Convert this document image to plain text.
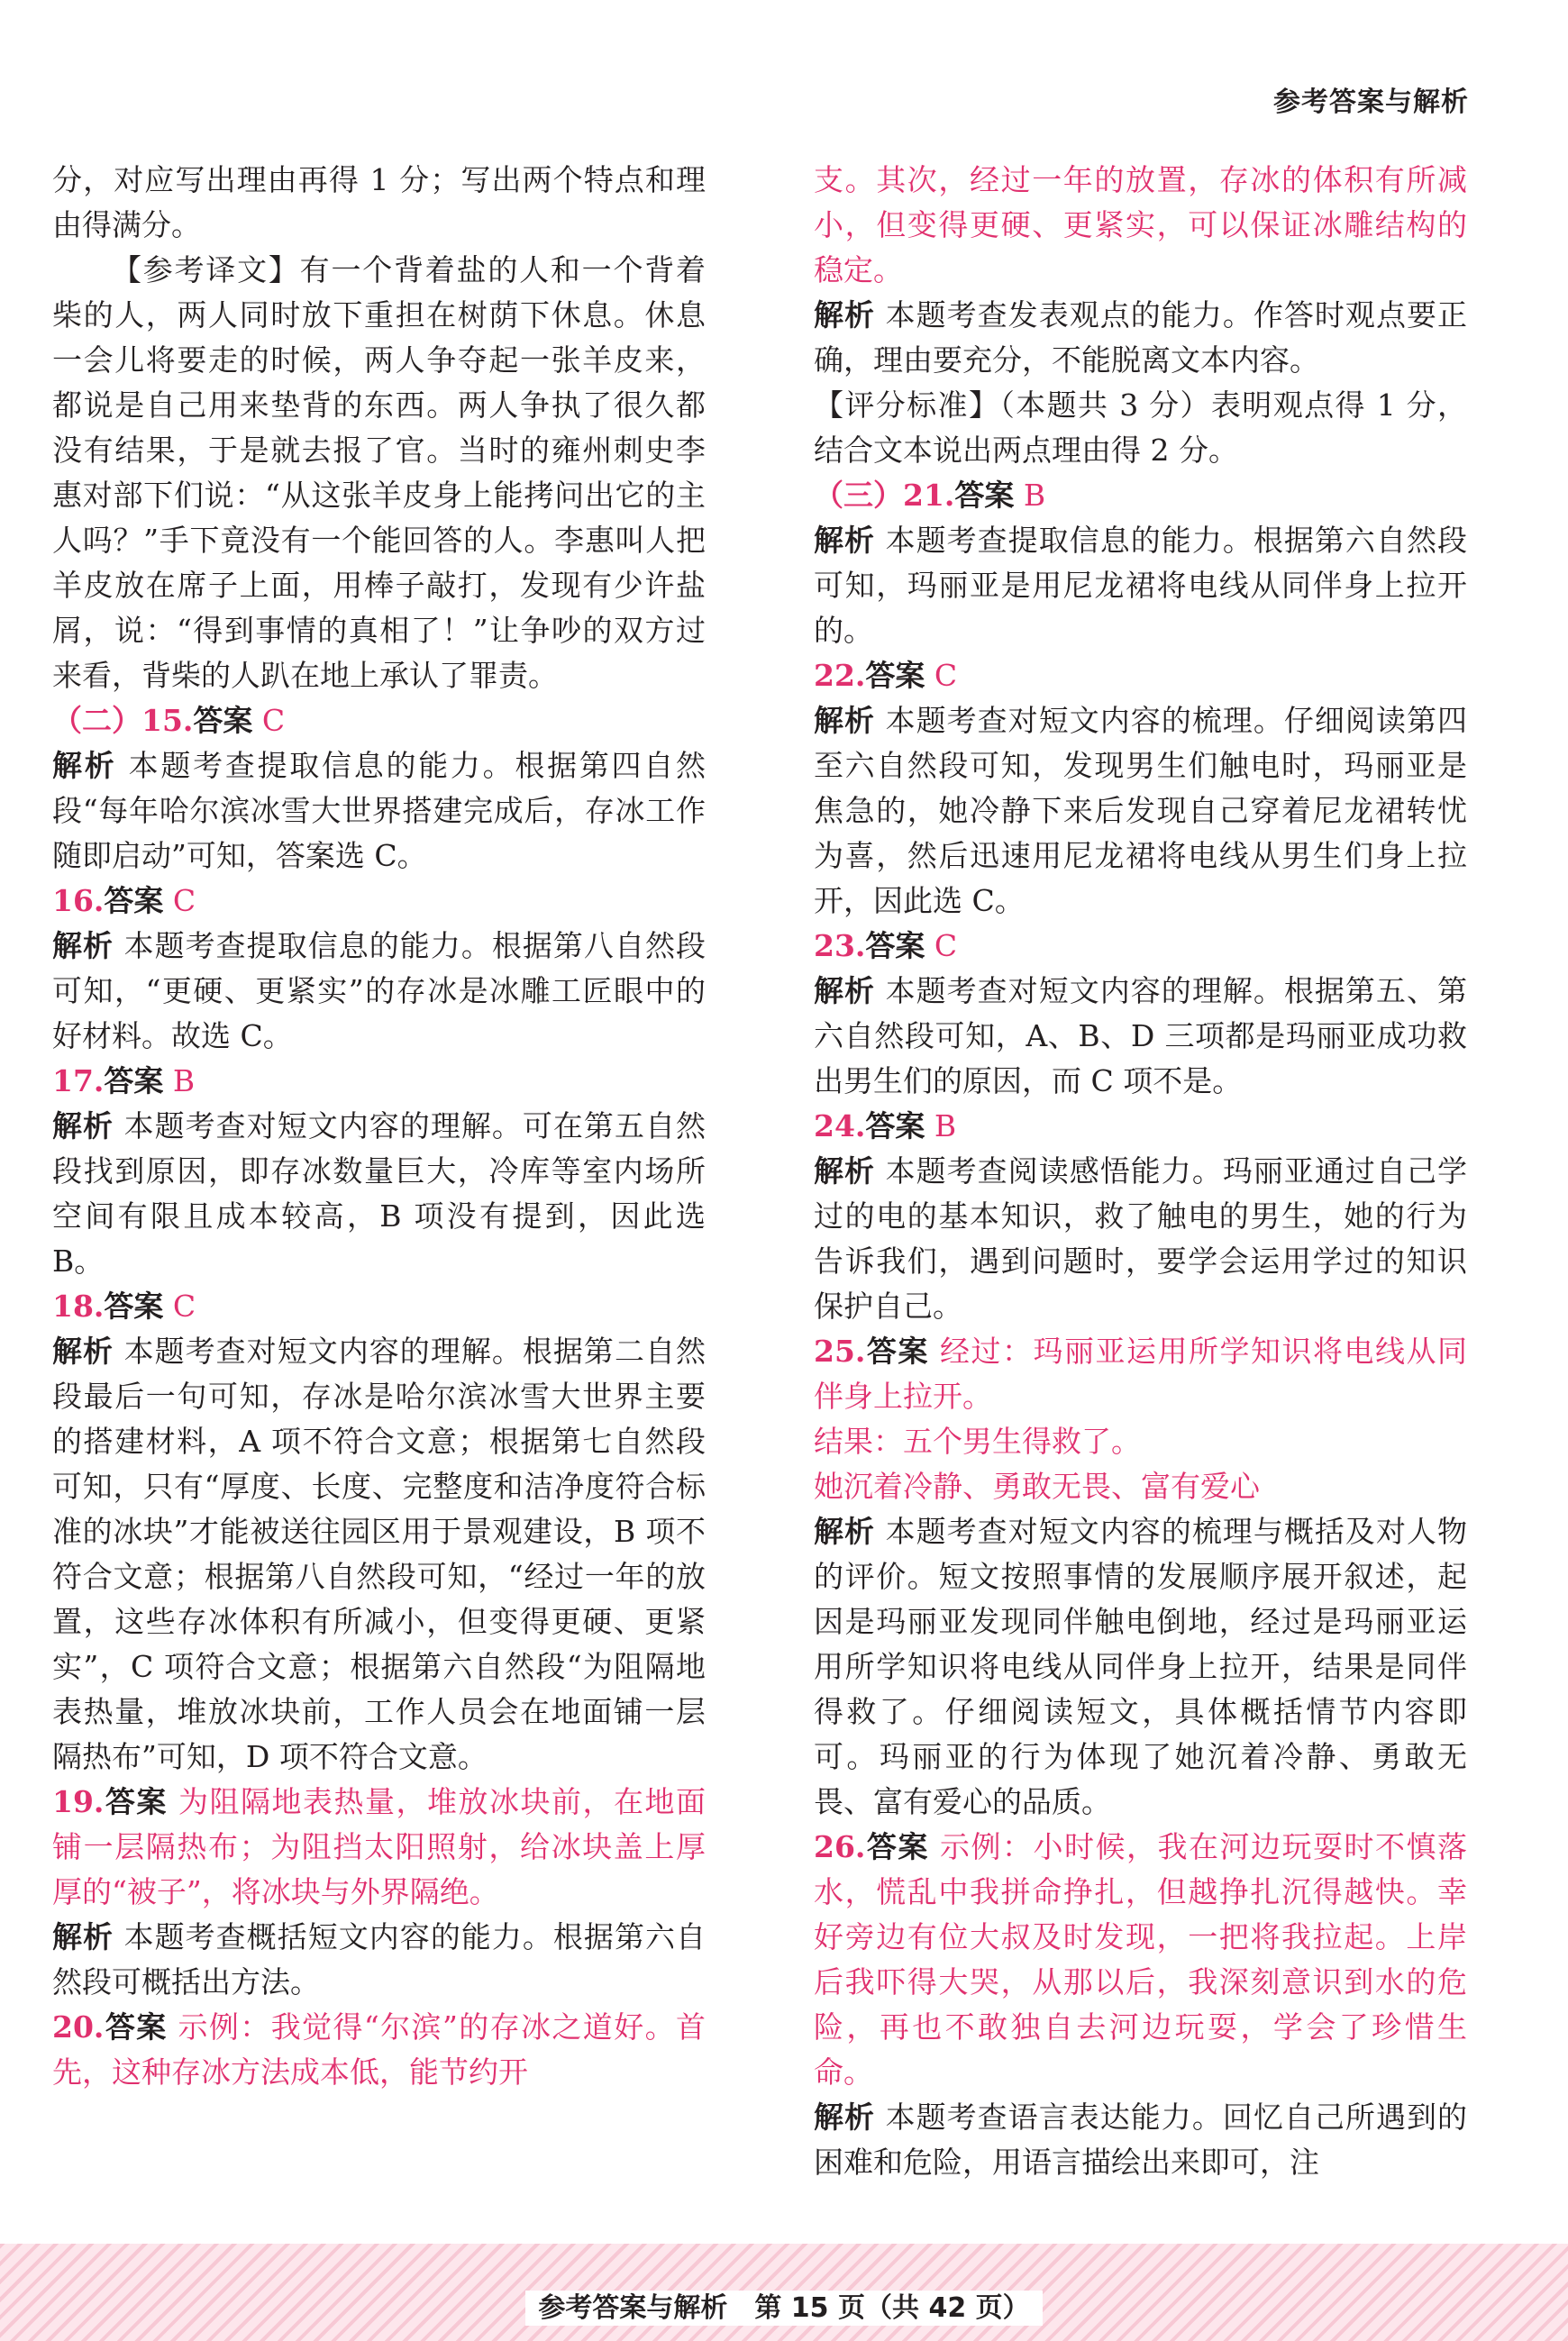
参考答案与解析

分，对应写出理由再得 1 分；写出两个特点和理由得满分。

【参考译文】有一个背着盐的人和一个背着柴的人，两人同时放下重担在树荫下休息。休息一会儿将要走的时候，两人争夺起一张羊皮来，都说是自己用来垫背的东西。两人争执了很久都没有结果，于是就去报了官。当时的雍州刺史李惠对部下们说：“从这张羊皮身上能拷问出它的主人吗？”手下竟没有一个能回答的人。李惠叫人把羊皮放在席子上面，用棒子敲打，发现有少许盐屑，说：“得到事情的真相了！”让争吵的双方过来看，背柴的人趴在地上承认了罪责。

（二）15.答案 C

解析 本题考查提取信息的能力。根据第四自然段“每年哈尔滨冰雪大世界搭建完成后，存冰工作随即启动”可知，答案选 C。

16.答案 C

解析 本题考查提取信息的能力。根据第八自然段可知，“更硬、更紧实”的存冰是冰雕工匠眼中的好材料。故选 C。

17.答案 B

解析 本题考查对短文内容的理解。可在第五自然段找到原因，即存冰数量巨大，冷库等室内场所空间有限且成本较高，B 项没有提到，因此选 B。

18.答案 C

解析 本题考查对短文内容的理解。根据第二自然段最后一句可知，存冰是哈尔滨冰雪大世界主要的搭建材料，A 项不符合文意；根据第七自然段可知，只有“厚度、长度、完整度和洁净度符合标准的冰块”才能被送往园区用于景观建设，B 项不符合文意；根据第八自然段可知，“经过一年的放置，这些存冰体积有所减小，但变得更硬、更紧实”，C 项符合文意；根据第六自然段“为阻隔地表热量，堆放冰块前，工作人员会在地面铺一层隔热布”可知，D 项不符合文意。

19.答案 为阻隔地表热量，堆放冰块前，在地面铺一层隔热布；为阻挡太阳照射，给冰块盖上厚厚的“被子”，将冰块与外界隔绝。

解析 本题考查概括短文内容的能力。根据第六自然段可概括出方法。

20.答案 示例：我觉得“尔滨”的存冰之道好。首先，这种存冰方法成本低，能节约开

支。其次，经过一年的放置，存冰的体积有所减小，但变得更硬、更紧实，可以保证冰雕结构的稳定。

解析 本题考查发表观点的能力。作答时观点要正确，理由要充分，不能脱离文本内容。

【评分标准】（本题共 3 分）表明观点得 1 分，结合文本说出两点理由得 2 分。

（三）21.答案 B

解析 本题考查提取信息的能力。根据第六自然段可知，玛丽亚是用尼龙裙将电线从同伴身上拉开的。

22.答案 C

解析 本题考查对短文内容的梳理。仔细阅读第四至六自然段可知，发现男生们触电时，玛丽亚是焦急的，她冷静下来后发现自己穿着尼龙裙转忧为喜，然后迅速用尼龙裙将电线从男生们身上拉开，因此选 C。

23.答案 C

解析 本题考查对短文内容的理解。根据第五、第六自然段可知，A、B、D 三项都是玛丽亚成功救出男生们的原因，而 C 项不是。

24.答案 B

解析 本题考查阅读感悟能力。玛丽亚通过自己学过的电的基本知识，救了触电的男生，她的行为告诉我们，遇到问题时，要学会运用学过的知识保护自己。

25.答案 经过：玛丽亚运用所学知识将电线从同伴身上拉开。

结果：五个男生得救了。

她沉着冷静、勇敢无畏、富有爱心

解析 本题考查对短文内容的梳理与概括及对人物的评价。短文按照事情的发展顺序展开叙述，起因是玛丽亚发现同伴触电倒地，经过是玛丽亚运用所学知识将电线从同伴身上拉开，结果是同伴得救了。仔细阅读短文，具体概括情节内容即可。玛丽亚的行为体现了她沉着冷静、勇敢无畏、富有爱心的品质。

26.答案 示例：小时候，我在河边玩耍时不慎落水，慌乱中我拼命挣扎，但越挣扎沉得越快。幸好旁边有位大叔及时发现，一把将我拉起。上岸后我吓得大哭，从那以后，我深刻意识到水的危险，再也不敢独自去河边玩耍，学会了珍惜生命。

解析 本题考查语言表达能力。回忆自己所遇到的困难和危险，用语言描绘出来即可，注

参考答案与解析　第 15 页（共 42 页）
